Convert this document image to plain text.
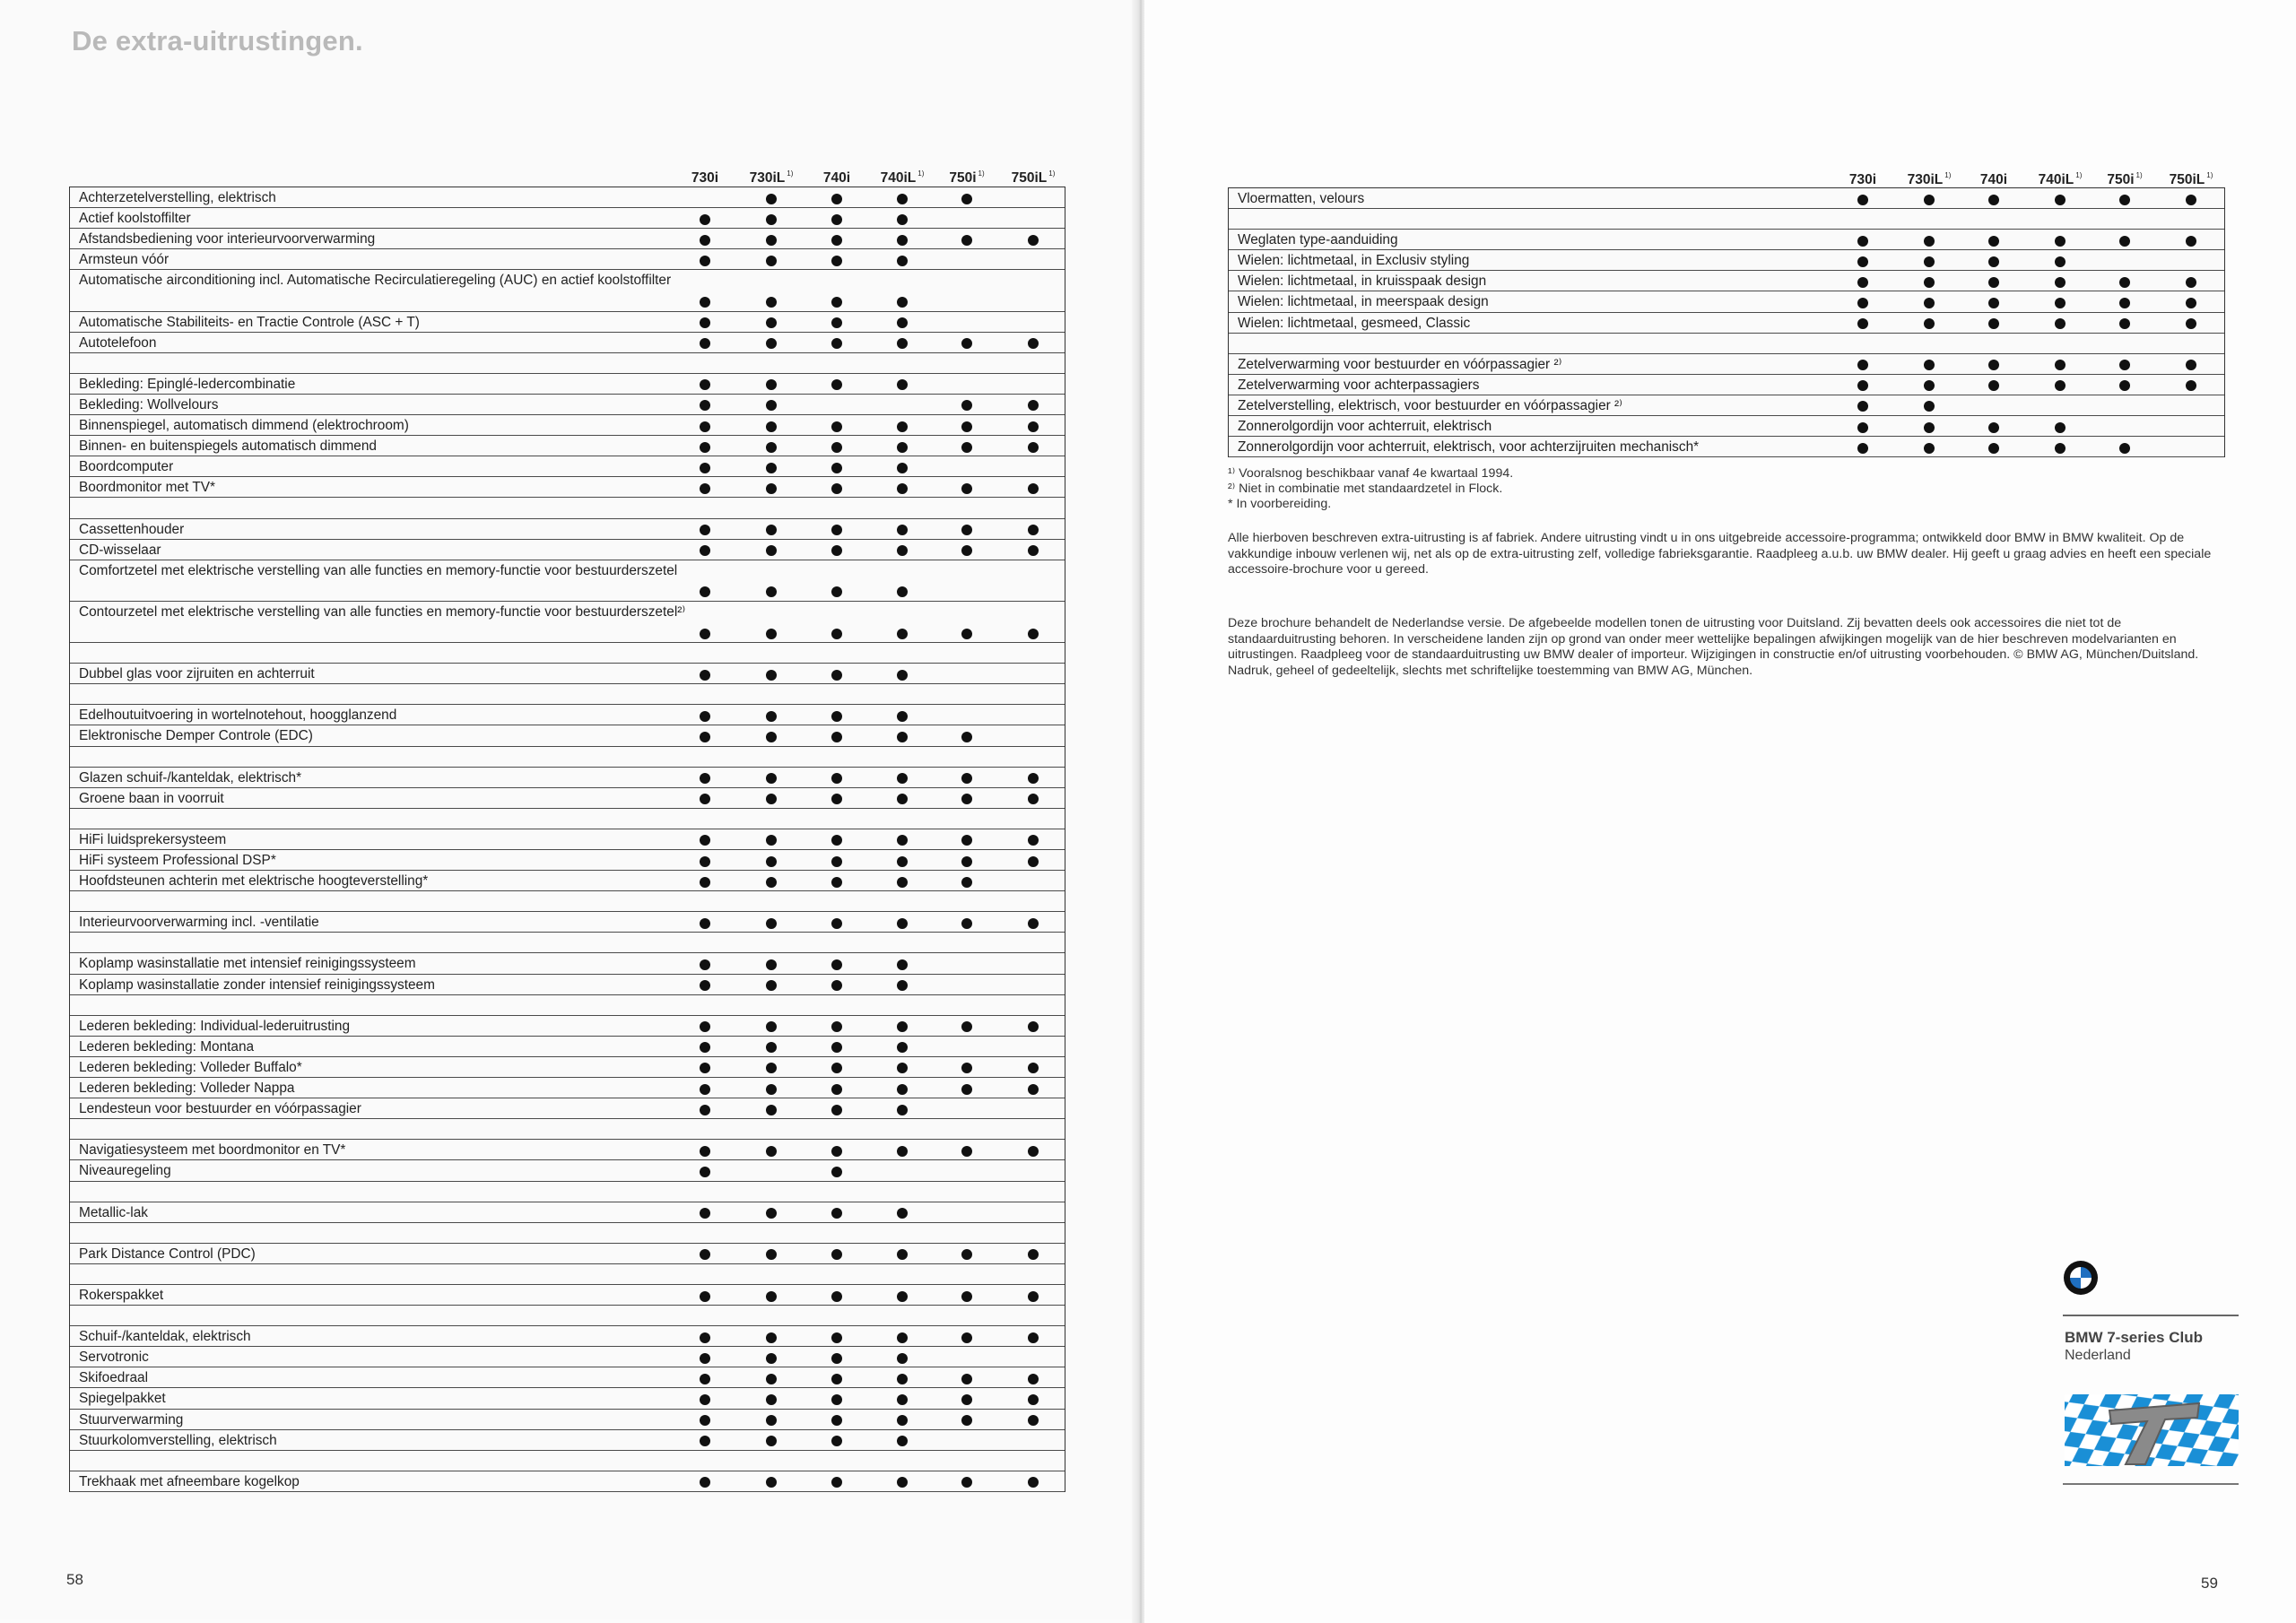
De extra-uitrustingen.
730i 730iL $^{1)}$ 740i 740iL $^{1)}$ 750i $^{1)}$ 750iL $^{1)}$
Achterzetelverstelling, elektrisch
Actief koolstoffilter
Afstandsbediening voor interieurvoorverwarming
Armsteun vóór
Automatische airconditioning incl. Automatische Recirculatieregeling (AUC) en actief koolstoffilter
Automatische Stabiliteits- en Tractie Controle (ASC + T)
Autotelefoon
Bekleding: Epinglé-ledercombinatie
Bekleding: Wollvelours
Binnenspiegel, automatisch dimmend (elektrochroom)
Binnen- en buitenspiegels automatisch dimmend
Boordcomputer
Boordmonitor met TV*
Cassettenhouder
CD-wisselaar
Comfortzetel met elektrische verstelling van alle functies en memory-functie voor bestuurderszetel
Contourzetel met elektrische verstelling van alle functies en memory-functie voor bestuurderszetel²⁾
Dubbel glas voor zijruiten en achterruit
Edelhoutuitvoering in wortelnotehout, hoogglanzend
Elektronische Demper Controle (EDC)
Glazen schuif-/kanteldak, elektrisch*
Groene baan in voorruit
HiFi luidsprekersysteem
HiFi systeem Professional DSP*
Hoofdsteunen achterin met elektrische hoogteverstelling*
Interieurvoorverwarming incl. -ventilatie
Koplamp wasinstallatie met intensief reinigingssysteem
Koplamp wasinstallatie zonder intensief reinigingssysteem
Lederen bekleding: Individual-lederuitrusting
Lederen bekleding: Montana
Lederen bekleding: Volleder Buffalo*
Lederen bekleding: Volleder Nappa
Lendesteun voor bestuurder en vóórpassagier
Navigatiesysteem met boordmonitor en TV*
Niveauregeling
Metallic-lak
Park Distance Control (PDC)
Rokerspakket
Schuif-/kanteldak, elektrisch
Servotronic
Skifoedraal
Spiegelpakket
Stuurverwarming
Stuurkolomverstelling, elektrisch
Trekhaak met afneembare kogelkop
58	59
730i 730iL $^{1)}$ 740i 740iL $^{1)}$ 750i $^{1)}$ 750iL $^{1)}$
Vloermatten, velours
Weglaten type-aanduiding
Wielen: lichtmetaal, in Exclusiv styling
Wielen: lichtmetaal, in kruisspaak design
Wielen: lichtmetaal, in meerspaak design
Wielen: lichtmetaal, gesmeed, Classic
Zetelverwarming voor bestuurder en vóórpassagier ²⁾
Zetelverwarming voor achterpassagiers
Zetelverstelling, elektrisch, voor bestuurder en vóórpassagier ²⁾
Zonnerolgordijn voor achterruit, elektrisch
Zonnerolgordijn voor achterruit, elektrisch, voor achterzijruiten mechanisch*

¹⁾ Vooralsnog beschikbaar vanaf 4e kwartaal 1994.

²⁾ Niet in combinatie met standaardzetel in Flock.

* In voorbereiding.

Alle hierboven beschreven extra-uitrusting is af fabriek. Andere uitrusting vindt u in ons uitgebreide accessoire-programma; ontwikkeld door BMW in BMW kwaliteit. Op de vakkundige inbouw verlenen wij, net als op de extra-uitrusting zelf, volledige fabrieksgarantie. Raadpleeg a.u.b. uw BMW dealer. Hij geeft u graag advies en heeft een speciale accessoire-brochure voor u gereed.
Deze brochure behandelt de Nederlandse versie. De afgebeelde modellen tonen de uitrusting voor Duitsland. Zij bevatten deels ook accessoires die niet tot de standaarduitrusting behoren. In verscheidene landen zijn op grond van onder meer wettelijke bepalingen afwijkingen mogelijk van de hier beschreven modelvarianten en uitrustingen. Raadpleeg voor de standaarduitrusting uw BMW dealer of importeur. Wijzigingen in constructie en/of uitrusting voorbehouden. © BMW AG, München/Duitsland. Nadruk, geheel of gedeeltelijk, slechts met schriftelijke toestemming van BMW AG, München.
BMW 7-series Club
Nederland
